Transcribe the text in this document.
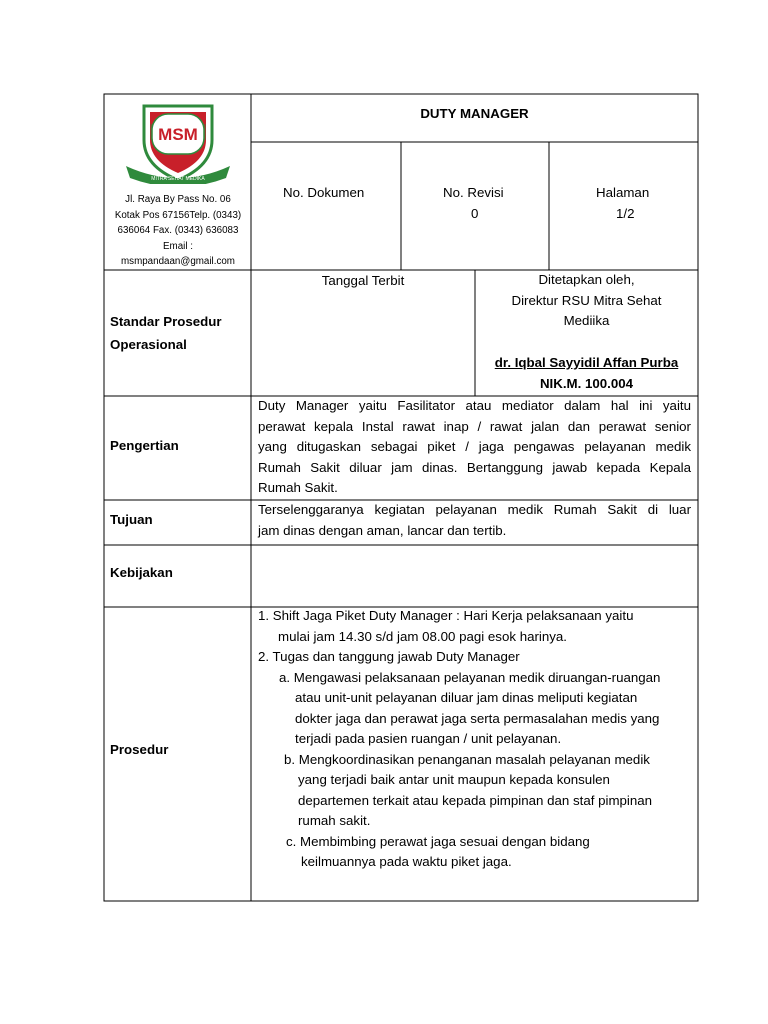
MSM
MITRA SEHAT MEDIKA
Jl. Raya By Pass No. 06
Kotak Pos 67156Telp. (0343)
636064 Fax. (0343) 636083
Email :
msmpandaan@gmail.com
DUTY MANAGER
No. Dokumen	No. Revisi
0
Halaman
1/2
Standar Prosedur
Operasional
Tanggal Terbit	Ditetapkan oleh,
Direktur RSU Mitra Sehat
Mediika
dr. Iqbal Sayyidil Affan Purba
NIK.M. 100.004
Pengertian
Duty Manager yaitu Fasilitator atau mediator dalam hal ini yaitu
perawat kepala Instal rawat inap / rawat jalan dan perawat senior
yang ditugaskan sebagai piket / jaga pengawas pelayanan medik
Rumah Sakit diluar jam dinas. Bertanggung jawab kepada Kepala
Rumah Sakit.
Tujuan
Terselenggaranya kegiatan pelayanan medik Rumah Sakit di luar
jam dinas dengan aman, lancar dan tertib.
Kebijakan
Prosedur
1. Shift Jaga Piket Duty Manager : Hari Kerja pelaksanaan yaitu
mulai jam 14.30 s/d jam 08.00 pagi esok harinya.
2. Tugas dan tanggung jawab Duty Manager
a. Mengawasi pelaksanaan pelayanan medik diruangan-ruangan
atau unit-unit pelayanan diluar jam dinas meliputi kegiatan
dokter jaga dan perawat jaga serta permasalahan medis yang
terjadi pada pasien ruangan / unit pelayanan.
b. Mengkoordinasikan penanganan masalah pelayanan medik
yang terjadi baik antar unit maupun kepada konsulen
departemen terkait atau kepada pimpinan dan staf pimpinan
rumah sakit.
c. Membimbing perawat jaga sesuai dengan bidang
keilmuannya pada waktu piket jaga.
